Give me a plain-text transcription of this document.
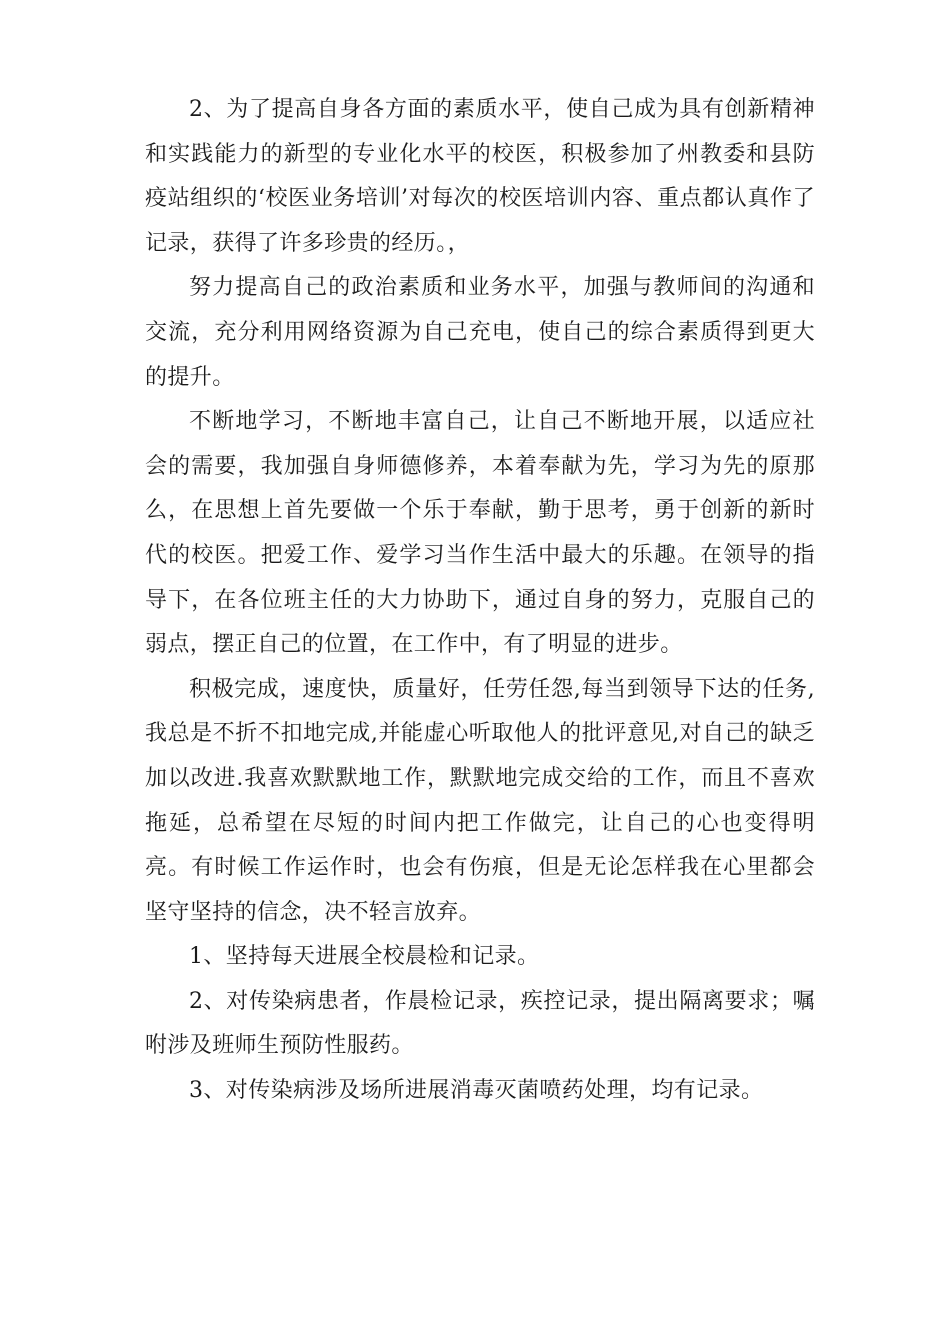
2、为了提高自身各方面的素质水平，使自己成为具有创新精神和实践能力的新型的专业化水平的校医，积极参加了州教委和县防疫站组织的‘校医业务培训’对每次的校医培训内容、重点都认真作了记录，获得了许多珍贵的经历。，

努力提高自己的政治素质和业务水平，加强与教师间的沟通和交流，充分利用网络资源为自己充电，使自己的综合素质得到更大的提升。

不断地学习，不断地丰富自己，让自己不断地开展，以适应社会的需要，我加强自身师德修养，本着奉献为先，学习为先的原那么，在思想上首先要做一个乐于奉献，勤于思考，勇于创新的新时代的校医。把爱工作、爱学习当作生活中最大的乐趣。在领导的指导下，在各位班主任的大力协助下，通过自身的努力，克服自己的弱点，摆正自己的位置，在工作中，有了明显的进步。

积极完成，速度快，质量好，任劳任怨,每当到领导下达的任务,我总是不折不扣地完成,并能虚心听取他人的批评意见,对自己的缺乏加以改进.我喜欢默默地工作，默默地完成交给的工作，而且不喜欢拖延，总希望在尽短的时间内把工作做完，让自己的心也变得明亮。有时候工作运作时，也会有伤痕，但是无论怎样我在心里都会坚守坚持的信念，决不轻言放弃。

1、坚持每天进展全校晨检和记录。

2、对传染病患者，作晨检记录，疾控记录，提出隔离要求；嘱咐涉及班师生预防性服药。

3、对传染病涉及场所进展消毒灭菌喷药处理，均有记录。
